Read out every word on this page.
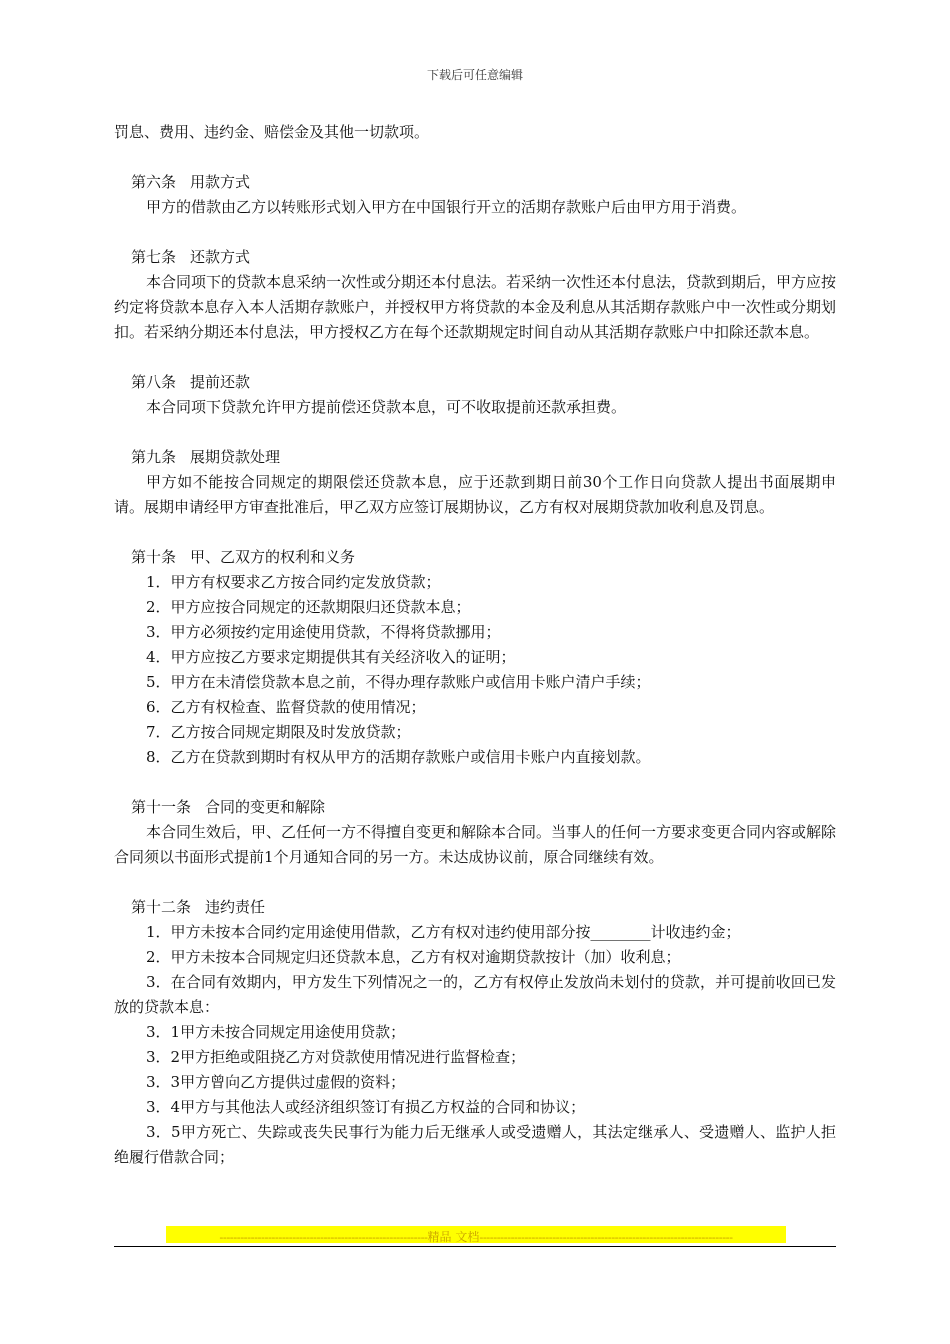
下载后可任意编辑

罚息、费用、违约金、赔偿金及其他一切款项。

第六条 用款方式

甲方的借款由乙方以转账形式划入甲方在中国银行开立的活期存款账户后由甲方用于消费。

第七条 还款方式

本合同项下的贷款本息采纳一次性或分期还本付息法。若采纳一次性还本付息法，贷款到期后，甲方应按约定将贷款本息存入本人活期存款账户，并授权甲方将贷款的本金及利息从其活期存款账户中一次性或分期划扣。若采纳分期还本付息法，甲方授权乙方在每个还款期规定时间自动从其活期存款账户中扣除还款本息。

第八条 提前还款

本合同项下贷款允许甲方提前偿还贷款本息，可不收取提前还款承担费。

第九条 展期贷款处理

甲方如不能按合同规定的期限偿还贷款本息，应于还款到期日前30个工作日向贷款人提出书面展期申请。展期申请经甲方审查批准后，甲乙双方应签订展期协议，乙方有权对展期贷款加收利息及罚息。

第十条 甲、乙双方的权利和义务

1．甲方有权要求乙方按合同约定发放贷款；

2．甲方应按合同规定的还款期限归还贷款本息；

3．甲方必须按约定用途使用贷款，不得将贷款挪用；

4．甲方应按乙方要求定期提供其有关经济收入的证明；

5．甲方在未清偿贷款本息之前，不得办理存款账户或信用卡账户清户手续；

6．乙方有权检查、监督贷款的使用情况；

7．乙方按合同规定期限及时发放贷款；

8．乙方在贷款到期时有权从甲方的活期存款账户或信用卡账户内直接划款。

第十一条 合同的变更和解除

本合同生效后，甲、乙任何一方不得擅自变更和解除本合同。当事人的任何一方要求变更合同内容或解除合同须以书面形式提前1个月通知合同的另一方。未达成协议前，原合同继续有效。

第十二条 违约责任

1．甲方未按本合同约定用途使用借款，乙方有权对违约使用部分按________计收违约金；

2．甲方未按本合同规定归还贷款本息，乙方有权对逾期贷款按计（加）收利息；

3．在合同有效期内，甲方发生下列情况之一的，乙方有权停止发放尚未划付的贷款，并可提前收回已发放的贷款本息：

3．1甲方未按合同规定用途使用贷款；

3．2甲方拒绝或阻挠乙方对贷款使用情况进行监督检查；

3．3甲方曾向乙方提供过虚假的资料；

3．4甲方与其他法人或经济组织签订有损乙方权益的合同和协议；

3．5甲方死亡、失踪或丧失民事行为能力后无继承人或受遗赠人，其法定继承人、受遗赠人、监护人拒绝履行借款合同；

------------------------------------------------------------精品 文档-------------------------------------------------------------------------
